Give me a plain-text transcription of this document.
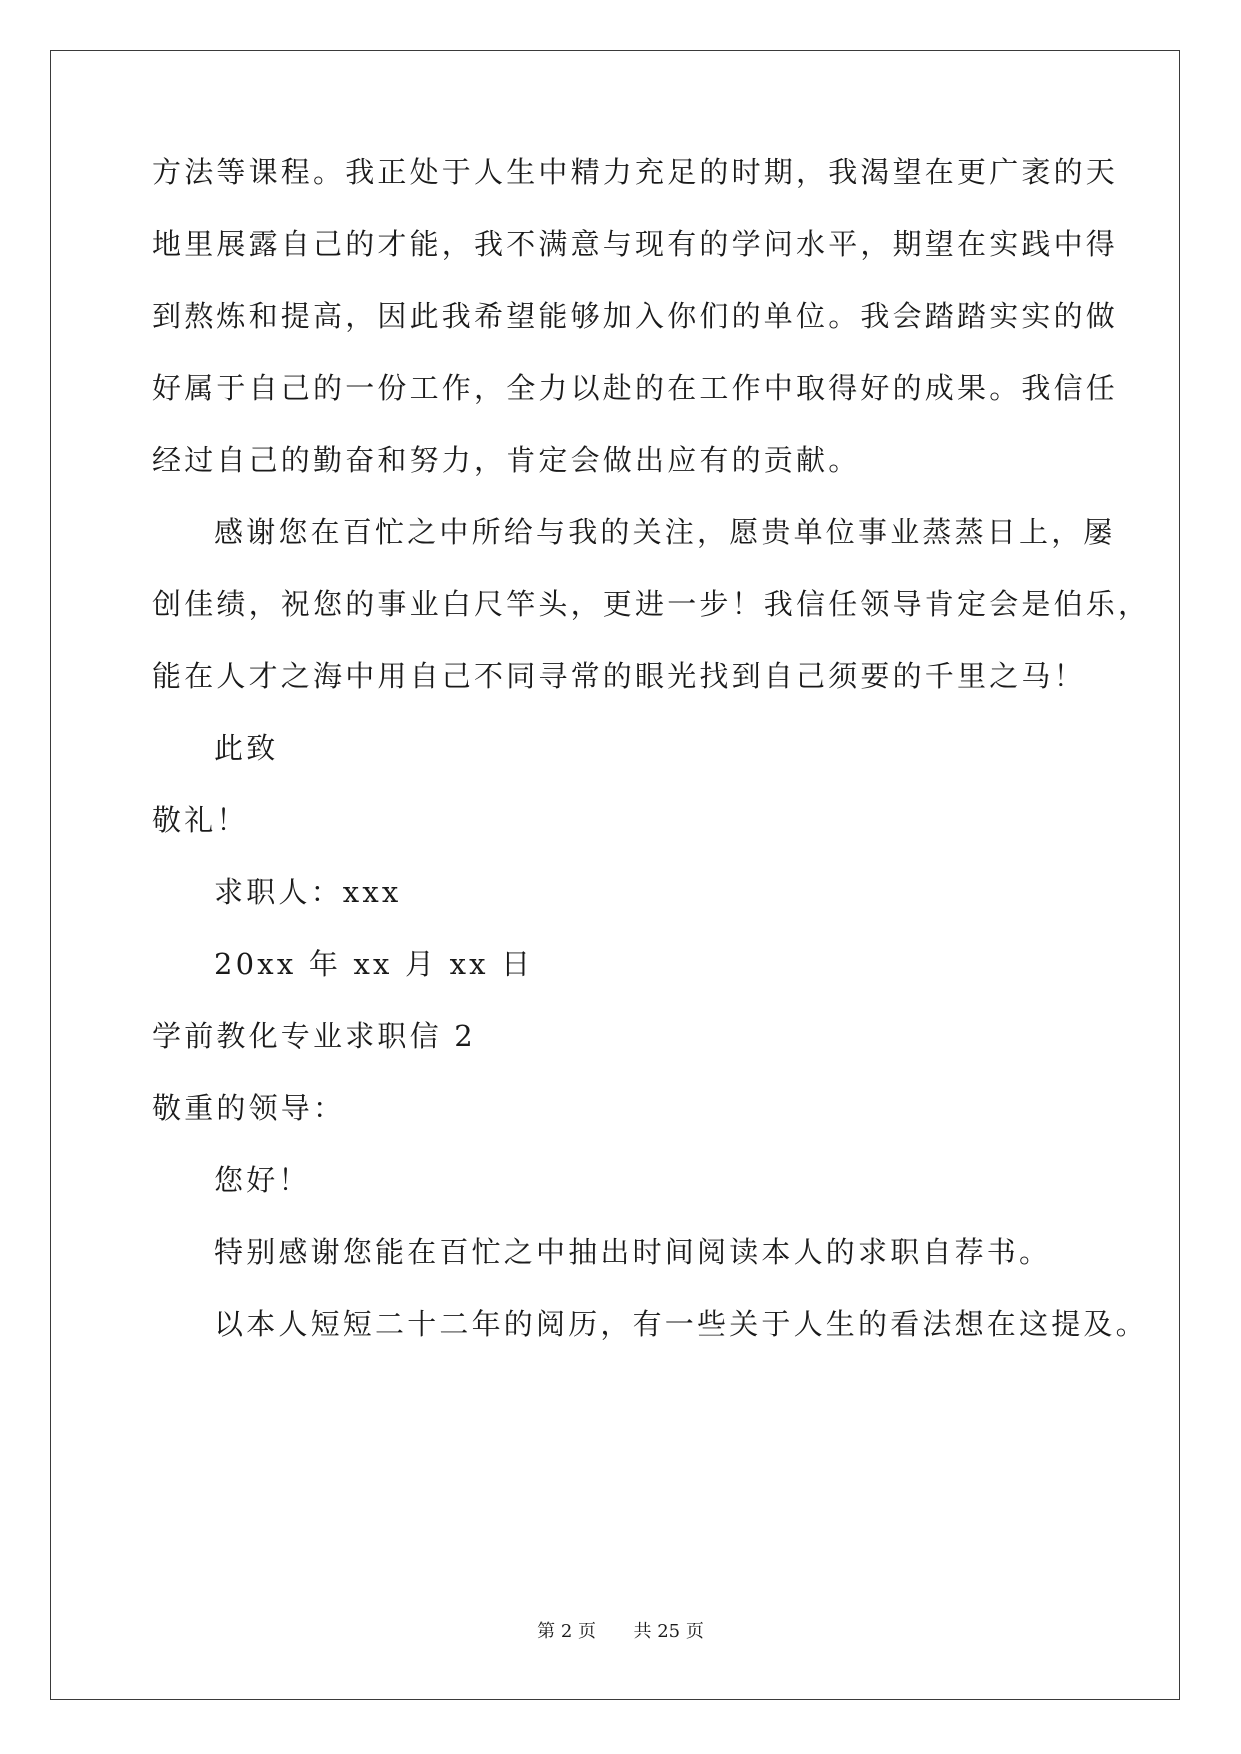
方法等课程。我正处于人生中精力充足的时期，我渴望在更广袤的天
地里展露自己的才能，我不满意与现有的学问水平，期望在实践中得
到熬炼和提高，因此我希望能够加入你们的单位。我会踏踏实实的做
好属于自己的一份工作，全力以赴的在工作中取得好的成果。我信任
经过自己的勤奋和努力，肯定会做出应有的贡献。
感谢您在百忙之中所给与我的关注，愿贵单位事业蒸蒸日上，屡
创佳绩，祝您的事业白尺竿头，更进一步！我信任领导肯定会是伯乐，
能在人才之海中用自己不同寻常的眼光找到自己须要的千里之马！
此致
敬礼！
求职人：xxx
20xx 年 xx 月 xx 日
学前教化专业求职信 2
敬重的领导：
您好！
特别感谢您能在百忙之中抽出时间阅读本人的求职自荐书。
以本人短短二十二年的阅历，有一些关于人生的看法想在这提及。
第 2 页 共 25 页
